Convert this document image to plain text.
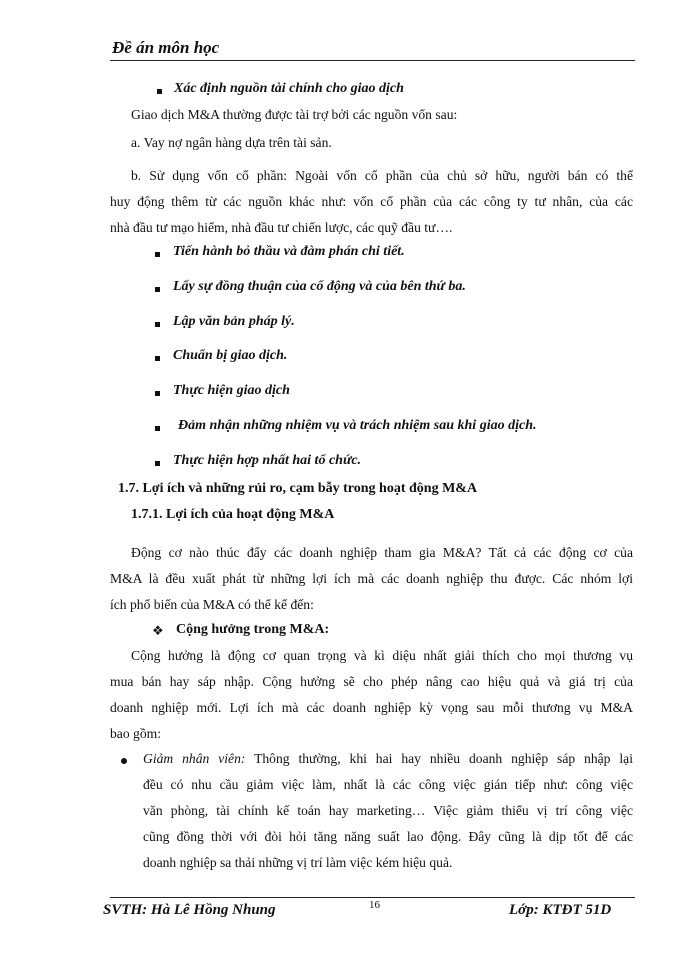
Đề án môn học
Xác định nguồn tài chính cho giao dịch
Giao dịch M&A thường được tài trợ bởi các nguồn vốn sau:
a. Vay nợ ngân hàng dựa trên tài sản.
b. Sử dụng vốn cổ phần: Ngoài vốn cổ phần của chủ sở hữu, người bán có thể
huy động thêm từ các nguồn khác như: vốn cổ phần của các công ty tư nhân, của các
nhà đầu tư mạo hiểm, nhà đầu tư chiến lược, các quỹ đầu tư….
Tiến hành bỏ thầu và đàm phán chi tiết.
Lấy sự đồng thuận của cổ động và của bên thứ ba.
Lập văn bản pháp lý.
Chuẩn bị giao dịch.
Thực hiện giao dịch
Đảm nhận những nhiệm vụ và trách nhiệm sau khi giao dịch.
Thực hiện hợp nhất hai tổ chức.
1.7. Lợi ích và những rủi ro, cạm bẫy trong hoạt động M&A
1.7.1. Lợi ích của hoạt động M&A
Động cơ nào thúc đẩy các doanh nghiệp tham gia M&A? Tất cả các động cơ của
M&A là đều xuất phát từ những lợi ích mà các doanh nghiệp thu được. Các nhóm lợi
ích phổ biến của M&A có thể kể đến:
❖ Cộng hưởng trong M&A:
Cộng hưởng là động cơ quan trọng và kì diệu nhất giải thích cho mọi thương vụ
mua bán hay sáp nhập. Cộng hưởng sẽ cho phép nâng cao hiệu quả và giá trị của
doanh nghiệp mới. Lợi ích mà các doanh nghiệp kỳ vọng sau mỗi thương vụ M&A
bao gồm:
Giảm nhân viên: Thông thường, khi hai hay nhiều doanh nghiệp sáp nhập lại
đều có nhu cầu giảm việc làm, nhất là các công việc gián tiếp như: công việc
văn phòng, tài chính kế toán hay marketing… Việc giảm thiểu vị trí công việc
cũng đồng thời với đòi hỏi tăng năng suất lao động. Đây cũng là dịp tốt để các
doanh nghiệp sa thải những vị trí làm việc kém hiệu quả.
SVTH: Hà Lê Hồng Nhung	16	Lớp: KTĐT 51D
